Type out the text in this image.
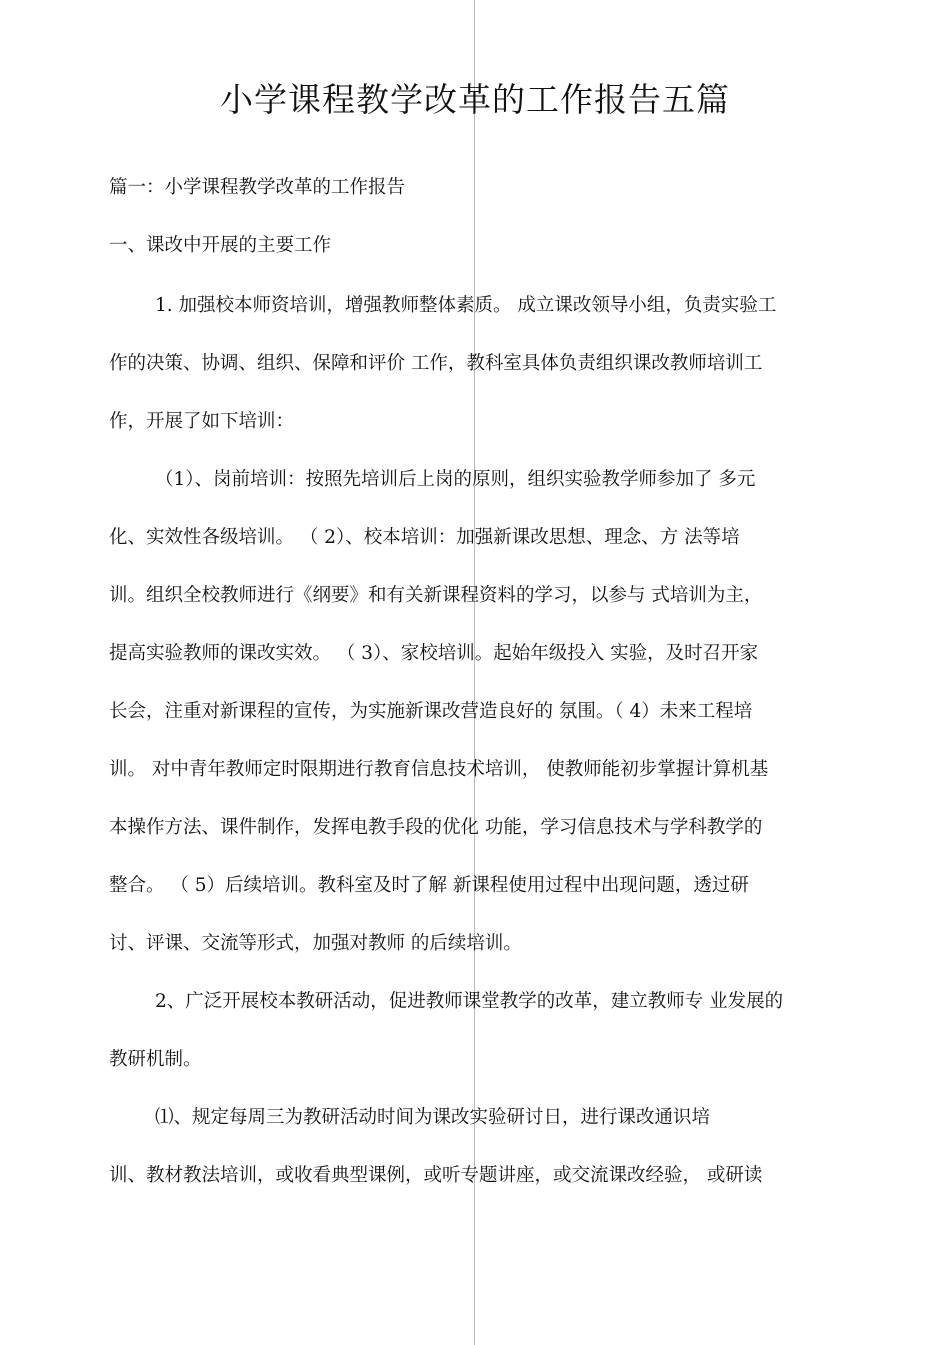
小学课程教学改革的工作报告五篇
篇一：小学课程教学改革的工作报告
一、课改中开展的主要工作
1. 加强校本师资培训，增强教师整体素质。 成立课改领导小组，负责实验工
作的决策、协调、组织、保障和评价 工作，教科室具体负责组织课改教师培训工
作，开展了如下培训：
（1）、岗前培训：按照先培训后上岗的原则，组织实验教学师参加了 多元
化、实效性各级培训。 （ 2）、校本培训：加强新课改思想、理念、方 法等培
训。组织全校教师进行《纲要》和有关新课程资料的学习，以参与 式培训为主，
提高实验教师的课改实效。 （ 3）、家校培训。起始年级投入 实验，及时召开家
长会，注重对新课程的宣传，为实施新课改营造良好的 氛围。（ 4）未来工程培
训。 对中青年教师定时限期进行教育信息技术培训， 使教师能初步掌握计算机基
本操作方法、课件制作，发挥电教手段的优化 功能，学习信息技术与学科教学的
整合。 （ 5）后续培训。教科室及时了解 新课程使用过程中出现问题，透过研
讨、评课、交流等形式，加强对教师 的后续培训。
2、广泛开展校本教研活动，促进教师课堂教学的改革，建立教师专 业发展的
教研机制。
⑴、规定每周三为教研活动时间为课改实验研讨日，进行课改通识培
训、教材教法培训，或收看典型课例，或听专题讲座，或交流课改经验， 或研读
